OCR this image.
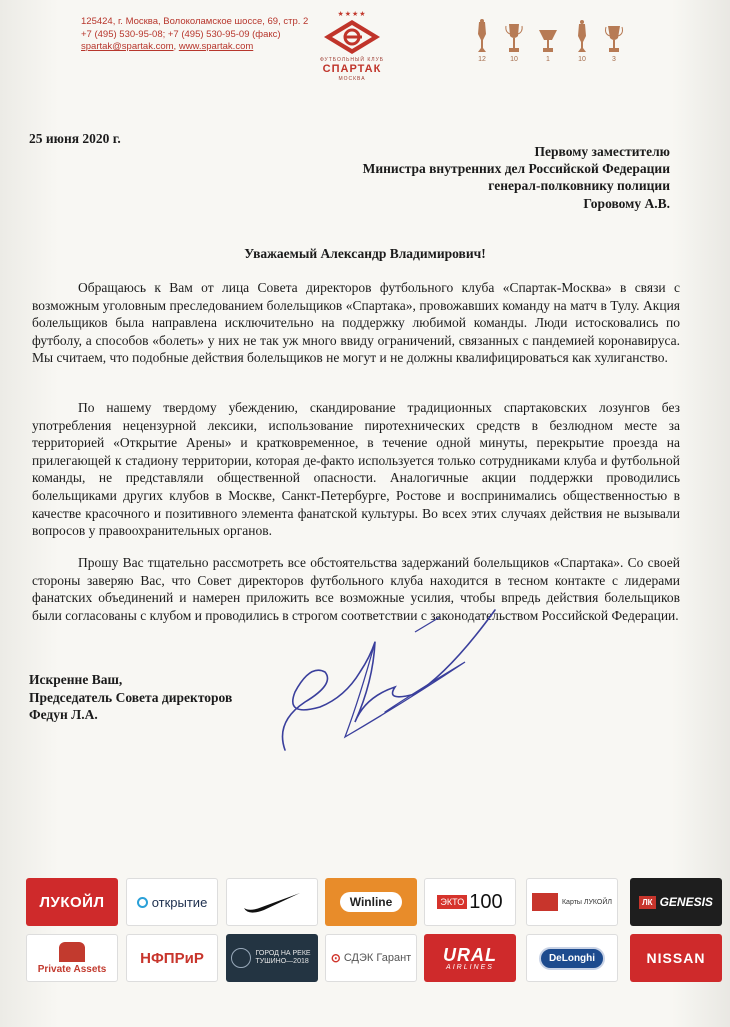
125424, г. Москва, Волоколамское шоссе, 69, стр. 2
+7 (495) 530-95-08; +7 (495) 530-95-09 (факс)
spartak@spartak.com, www.spartak.com
★★★★
ФУТБОЛЬНЫЙ КЛУБ
СПАРТАК
МОСКВА
12	10	1	10	3
25 июня 2020 г.
Первому заместителю
Министра внутренних дел Российской Федерации
генерал-полковнику полиции
Горовому А.В.
Уважаемый Александр Владимирович!

Обращаюсь к Вам от лица Совета директоров футбольного клуба «Спартак-Москва» в связи с возможным уголовным преследованием болельщиков «Спартака», провожавших команду на матч в Тулу. Акция болельщиков была направлена исключительно на поддержку любимой команды. Люди истосковались по футболу, а способов «болеть» у них не так уж много ввиду ограничений, связанных с пандемией коронавируса. Мы считаем, что подобные действия болельщиков не могут и не должны квалифицироваться как хулиганство.

По нашему твердому убеждению, скандирование традиционных спартаковских лозунгов без употребления нецензурной лексики, использование пиротехнических средств в безлюдном месте за территорией «Открытие Арены» и кратковременное, в течение одной минуты, перекрытие проезда на прилегающей к стадиону территории, которая де-факто используется только сотрудниками клуба и футбольной команды, не представляли общественной опасности. Аналогичные акции поддержки проводились болельщиками других клубов в Москве, Санкт-Петербурге, Ростове и воспринимались общественностью в качестве красочного и позитивного элемента фанатской культуры. Во всех этих случаях действия не вызывали вопросов у правоохранительных органов.

Прошу Вас тщательно рассмотреть все обстоятельства задержаний болельщиков «Спартака». Со своей стороны заверяю Вас, что Совет директоров футбольного клуба находится в тесном контакте с лидерами фанатских объединений и намерен приложить все возможные усилия, чтобы впредь действия болельщиков были согласованы с клубом и проводились в строгом соответствии с законодательством Российской Федерации.

Искренне Ваш,
Председатель Совета директоров
Федун Л.А.
ЛУКОЙЛ	открытие	Winline	ЭКТО 100	Карты ЛУКОЙЛ	ЛК GENESIS
Private Assets
НФПРиР	ГОРОД НА РЕКЕ ТУШИНО—2018	⊙ СДЭК Гарант URAL
AIRLINES
DeLonghi	NISSAN
